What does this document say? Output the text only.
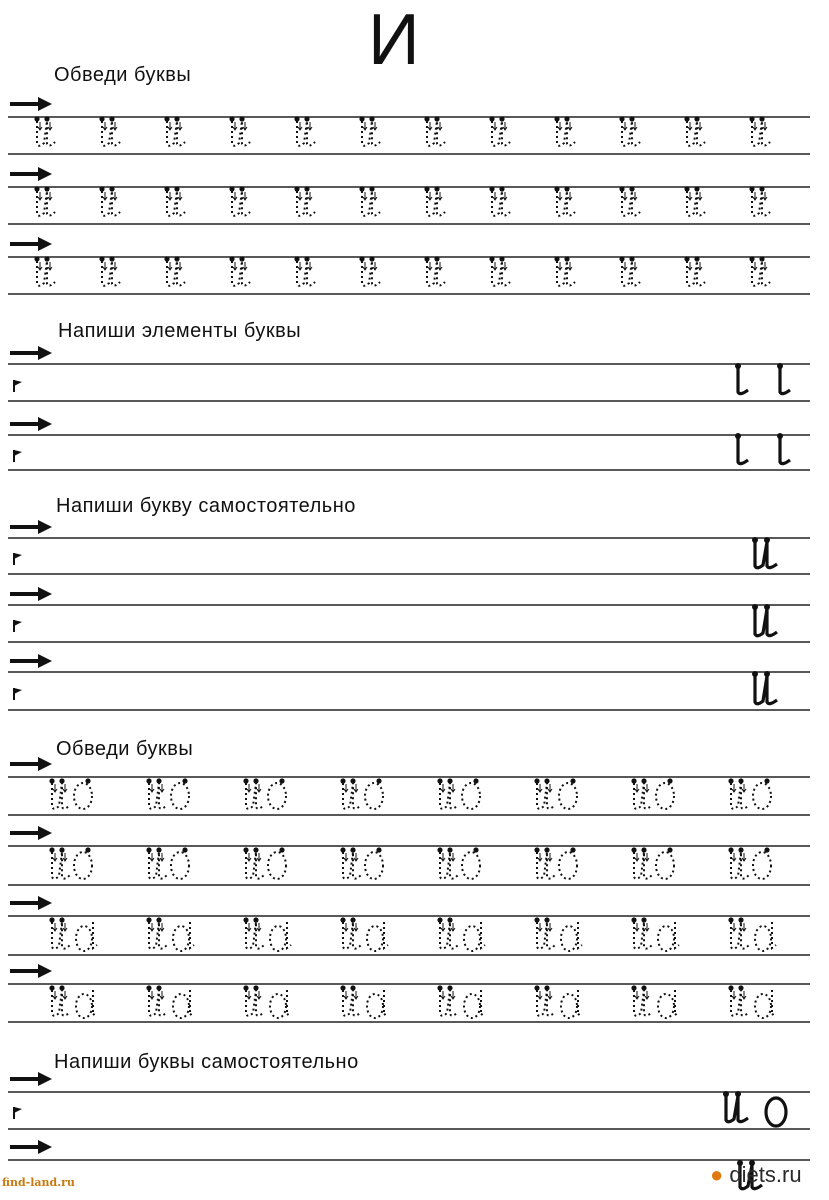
И
Обведи буквы
Напиши элементы буквы
Напиши букву самостоятельно
Обведи буквы
Напиши буквы самостоятельно
find-land.ru	● diets.ru
